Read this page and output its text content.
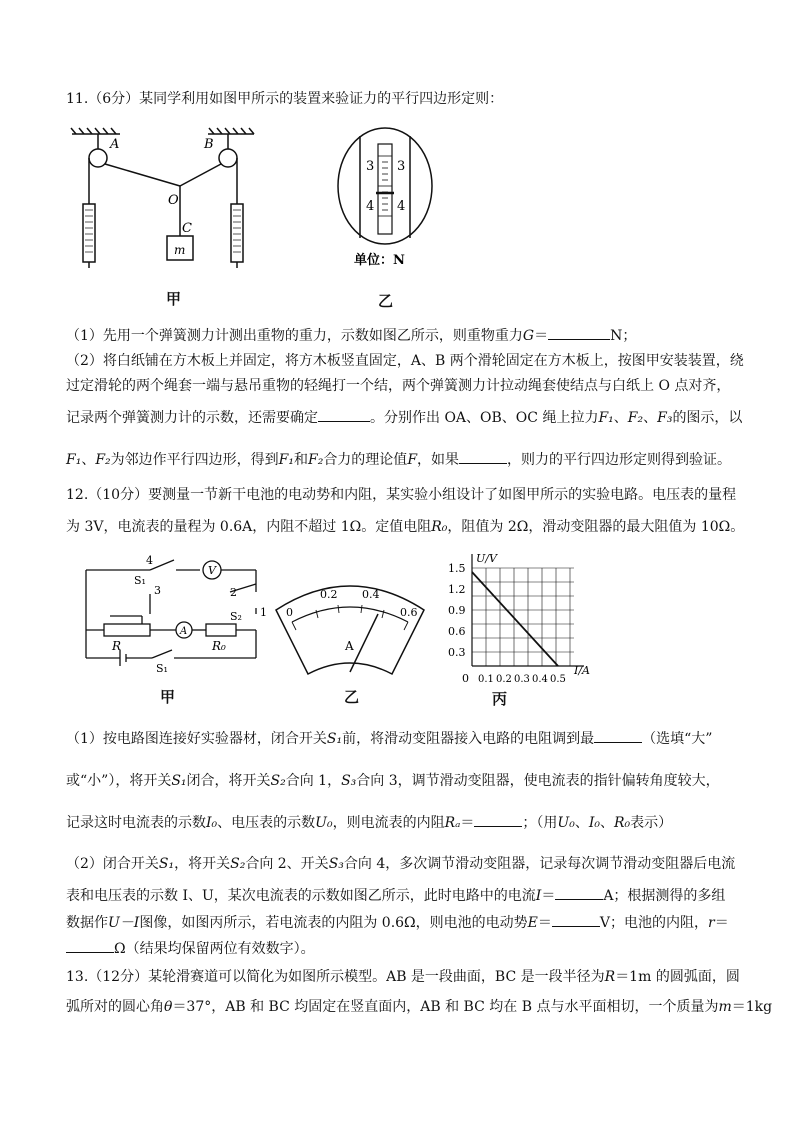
11.（6分）某同学利用如图甲所示的装置来验证力的平行四边形定则：
A	B
O
C
m
甲
3 3
4 4
单位：N
乙
（1）先用一个弹簧测力计测出重物的重力，示数如图乙所示，则重物重力G＝	N；
（2）将白纸铺在方木板上并固定，将方木板竖直固定，A、B 两个滑轮固定在方木板上，按图甲安装装置，绕
过定滑轮的两个绳套一端与悬吊重物的轻绳打一个结，两个弹簧测力计拉动绳套使结点与白纸上 O 点对齐，
记录两个弹簧测力计的示数，还需要确定	。分别作出 OA、OB、OC 绳上拉力F₁、F₂、F₃的图示，以
F₁、F₂为邻边作平行四边形，得到F₁和F₂合力的理论值F，如果	，则力的平行四边形定则得到验证。
12.（10分）要测量一节新干电池的电动势和内阻，某实验小组设计了如图甲所示的实验电路。电压表的量程
为 3V，电流表的量程为 0.6A，内阻不超过 1Ω。定值电阻R₀，阻值为 2Ω，滑动变阻器的最大阻值为 10Ω。
4
3	2
1
S₁
S₂
S₁
V
A
R	R₀
甲
0
0.2 0.4
0.6
A
乙
U/V
I/A
1.5
1.2
0.9
0.6
0.3
0 0.1 0.2 0.3 0.4 0.5
丙
（1）按电路图连接好实验器材，闭合开关S₁前，将滑动变阻器接入电路的电阻调到最	（选填“大”
或“小”），将开关S₁闭合，将开关S₂合向 1，S₃合向 3，调节滑动变阻器，使电流表的指针偏转角度较大，
记录这时电流表的示数I₀、电压表的示数U₀，则电流表的内阻Rₐ＝	；（用U₀、I₀、R₀表示）
（2）闭合开关S₁，将开关S₂合向 2、开关S₃合向 4，多次调节滑动变阻器，记录每次调节滑动变阻器后电流
表和电压表的示数 I、U，某次电流表的示数如图乙所示，此时电路中的电流I＝	A；根据测得的多组
数据作U－I图像，如图丙所示，若电流表的内阻为 0.6Ω，则电池的电动势E＝	V；电池的内阻，r＝
Ω（结果均保留两位有效数字）。
13.（12分）某轮滑赛道可以简化为如图所示模型。AB 是一段曲面，BC 是一段半径为R＝1m 的圆弧面，圆
弧所对的圆心角θ＝37°，AB 和 BC 均固定在竖直面内，AB 和 BC 均在 B 点与水平面相切，一个质量为m＝1kg
